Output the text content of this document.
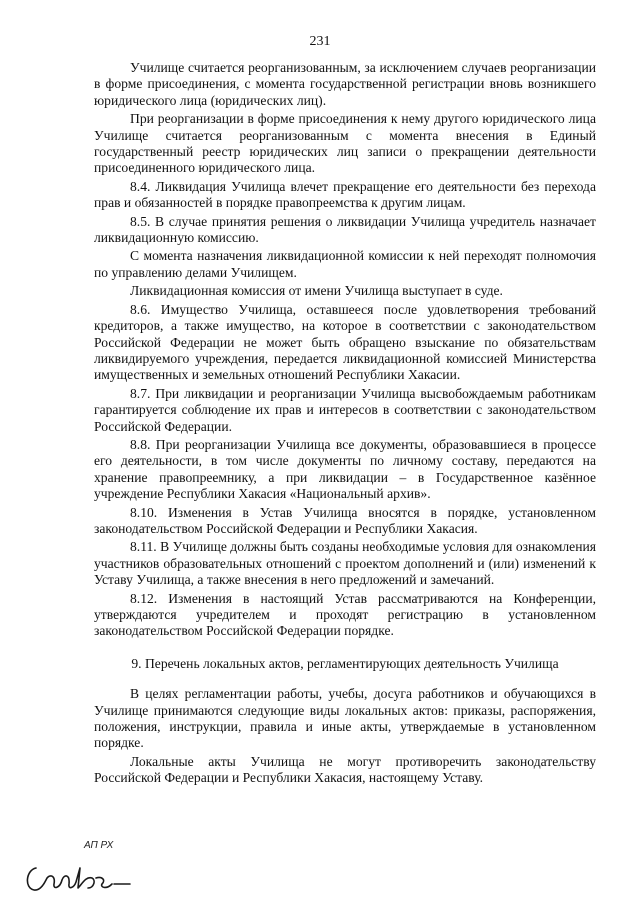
231

Училище считается реорганизованным, за исключением случаев реорганизации в форме присоединения, с момента государственной регистрации вновь возникшего юридического лица (юридических лиц).

При реорганизации в форме присоединения к нему другого юридического лица Училище считается реорганизованным с момента внесения в Единый государственный реестр юридических лиц записи о прекращении деятельности присоединенного юридического лица.

8.4. Ликвидация Училища влечет прекращение его деятельности без перехода прав и обязанностей в порядке правопреемства к другим лицам.

8.5. В случае принятия решения о ликвидации Училища учредитель назначает ликвидационную комиссию.

С момента назначения ликвидационной комиссии к ней переходят полномочия по управлению делами Училищем.

Ликвидационная комиссия от имени Училища выступает в суде.

8.6. Имущество Училища, оставшееся после удовлетворения требований кредиторов, а также имущество, на которое в соответствии с законодательством Российской Федерации не может быть обращено взыскание по обязательствам ликвидируемого учреждения, передается ликвидационной комиссией Министерства имущественных и земельных отношений Республики Хакасии.

8.7. При ликвидации и реорганизации Училища высвобождаемым работникам гарантируется соблюдение их прав и интересов в соответствии с законодательством Российской Федерации.

8.8. При реорганизации Училища все документы, образовавшиеся в процессе его деятельности, в том числе документы по личному составу, передаются на хранение правопреемнику, а при ликвидации – в Государственное казённое учреждение Республики Хакасия «Национальный архив».

8.10. Изменения в Устав Училища вносятся в порядке, установленном законодательством Российской Федерации и Республики Хакасия.

8.11. В Училище должны быть созданы необходимые условия для ознакомления участников образовательных отношений с проектом дополнений и (или) изменений к Уставу Училища, а также внесения в него предложений и замечаний.

8.12. Изменения в настоящий Устав рассматриваются на Конференции, утверждаются учредителем и проходят регистрацию в установленном законодательством Российской Федерации порядке.

9. Перечень локальных актов, регламентирующих деятельность Училища

В целях регламентации работы, учебы, досуга работников и обучающихся в Училище принимаются следующие виды локальных актов: приказы, распоряжения, положения, инструкции, правила и иные акты, утверждаемые в установленном порядке.

Локальные акты Училища не могут противоречить законодательству Российской Федерации и Республики Хакасия, настоящему Уставу.

АП РХ
